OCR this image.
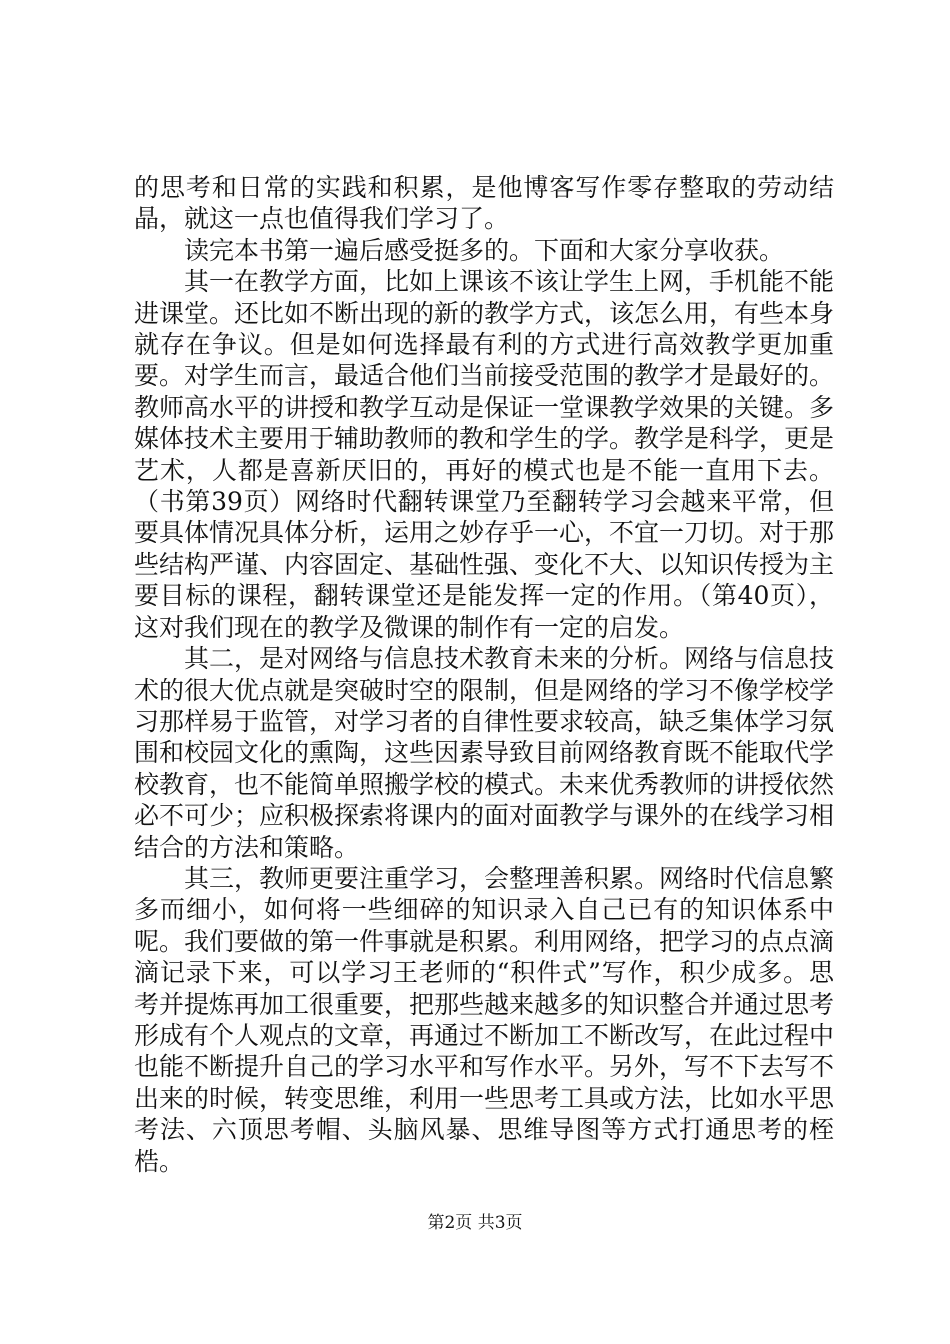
的思考和日常的实践和积累，是他博客写作零存整取的劳动结晶，就这一点也值得我们学习了。

读完本书第一遍后感受挺多的。下面和大家分享收获。

其一在教学方面，比如上课该不该让学生上网，手机能不能进课堂。还比如不断出现的新的教学方式，该怎么用，有些本身就存在争议。但是如何选择最有利的方式进行高效教学更加重要。对学生而言，最适合他们当前接受范围的教学才是最好的。教师高水平的讲授和教学互动是保证一堂课教学效果的关键。多媒体技术主要用于辅助教师的教和学生的学。教学是科学，更是艺术，人都是喜新厌旧的，再好的模式也是不能一直用下去。（书第39页）网络时代翻转课堂乃至翻转学习会越来平常，但要具体情况具体分析，运用之妙存乎一心，不宜一刀切。对于那些结构严谨、内容固定、基础性强、变化不大、以知识传授为主要目标的课程，翻转课堂还是能发挥一定的作用。（第40页），这对我们现在的教学及微课的制作有一定的启发。

其二，是对网络与信息技术教育未来的分析。网络与信息技术的很大优点就是突破时空的限制，但是网络的学习不像学校学习那样易于监管，对学习者的自律性要求较高，缺乏集体学习氛围和校园文化的熏陶，这些因素导致目前网络教育既不能取代学校教育，也不能简单照搬学校的模式。未来优秀教师的讲授依然必不可少；应积极探索将课内的面对面教学与课外的在线学习相结合的方法和策略。

其三，教师更要注重学习，会整理善积累。网络时代信息繁多而细小，如何将一些细碎的知识录入自己已有的知识体系中呢。我们要做的第一件事就是积累。利用网络，把学习的点点滴滴记录下来，可以学习王老师的“积件式”写作，积少成多。思考并提炼再加工很重要，把那些越来越多的知识整合并通过思考形成有个人观点的文章，再通过不断加工不断改写，在此过程中也能不断提升自己的学习水平和写作水平。另外，写不下去写不出来的时候，转变思维，利用一些思考工具或方法，比如水平思考法、六顶思考帽、头脑风暴、思维导图等方式打通思考的桎梏。

第2页 共3页
